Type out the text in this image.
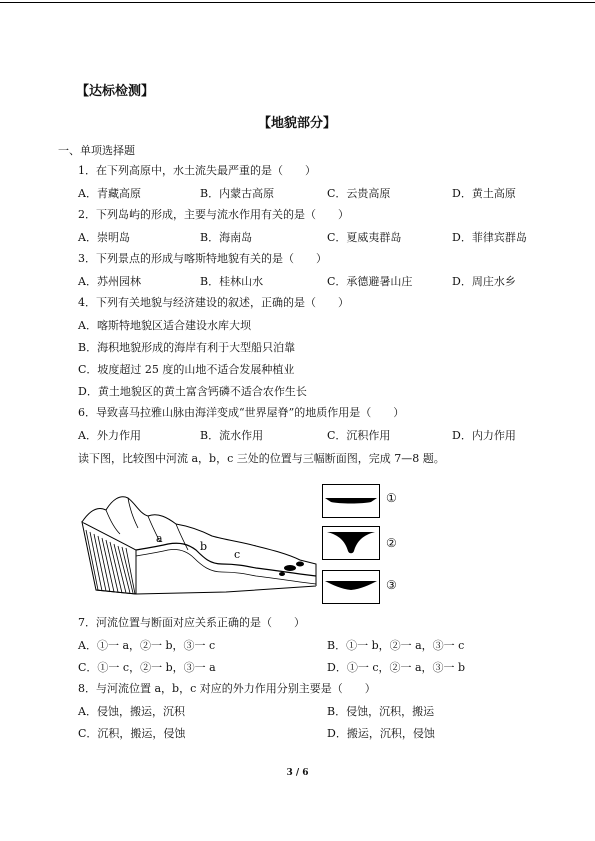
【达标检测】
【地貌部分】
一、单项选择题
1．在下列高原中，水土流失最严重的是（　　）
A．青藏高原	B．内蒙古高原	C．云贵高原	D．黄土高原
2．下列岛屿的形成，主要与流水作用有关的是（　　）
A．崇明岛	B．海南岛	C．夏威夷群岛	D．菲律宾群岛
3．下列景点的形成与喀斯特地貌有关的是（　　）
A．苏州园林	B．桂林山水	C．承德避暑山庄	D．周庄水乡
4．下列有关地貌与经济建设的叙述，正确的是（　　）
A．喀斯特地貌区适合建设水库大坝
B．海积地貌形成的海岸有利于大型船只泊靠
C．坡度超过 25 度的山地不适合发展种植业
D．黄土地貌区的黄土富含钙磷不适合农作生长
6．导致喜马拉雅山脉由海洋变成“世界屋脊”的地质作用是（　　）
A．外力作用	B．流水作用	C．沉积作用	D．内力作用
读下图，比较图中河流 a，b，c 三处的位置与三幅断面图，完成 7—8 题。
a
b
c
①
②
③
7．河流位置与断面对应关系正确的是（　　）
A．①一 a，②一 b，③一 c	B．①一 b，②一 a，③一 c
C．①一 c，②一 b，③一 a	D．①一 c，②一 a，③一 b
8．与河流位置 a，b，c 对应的外力作用分别主要是（　　）
A．侵蚀，搬运，沉积	B．侵蚀，沉积，搬运
C．沉积，搬运，侵蚀	D．搬运，沉积，侵蚀
3 / 6
